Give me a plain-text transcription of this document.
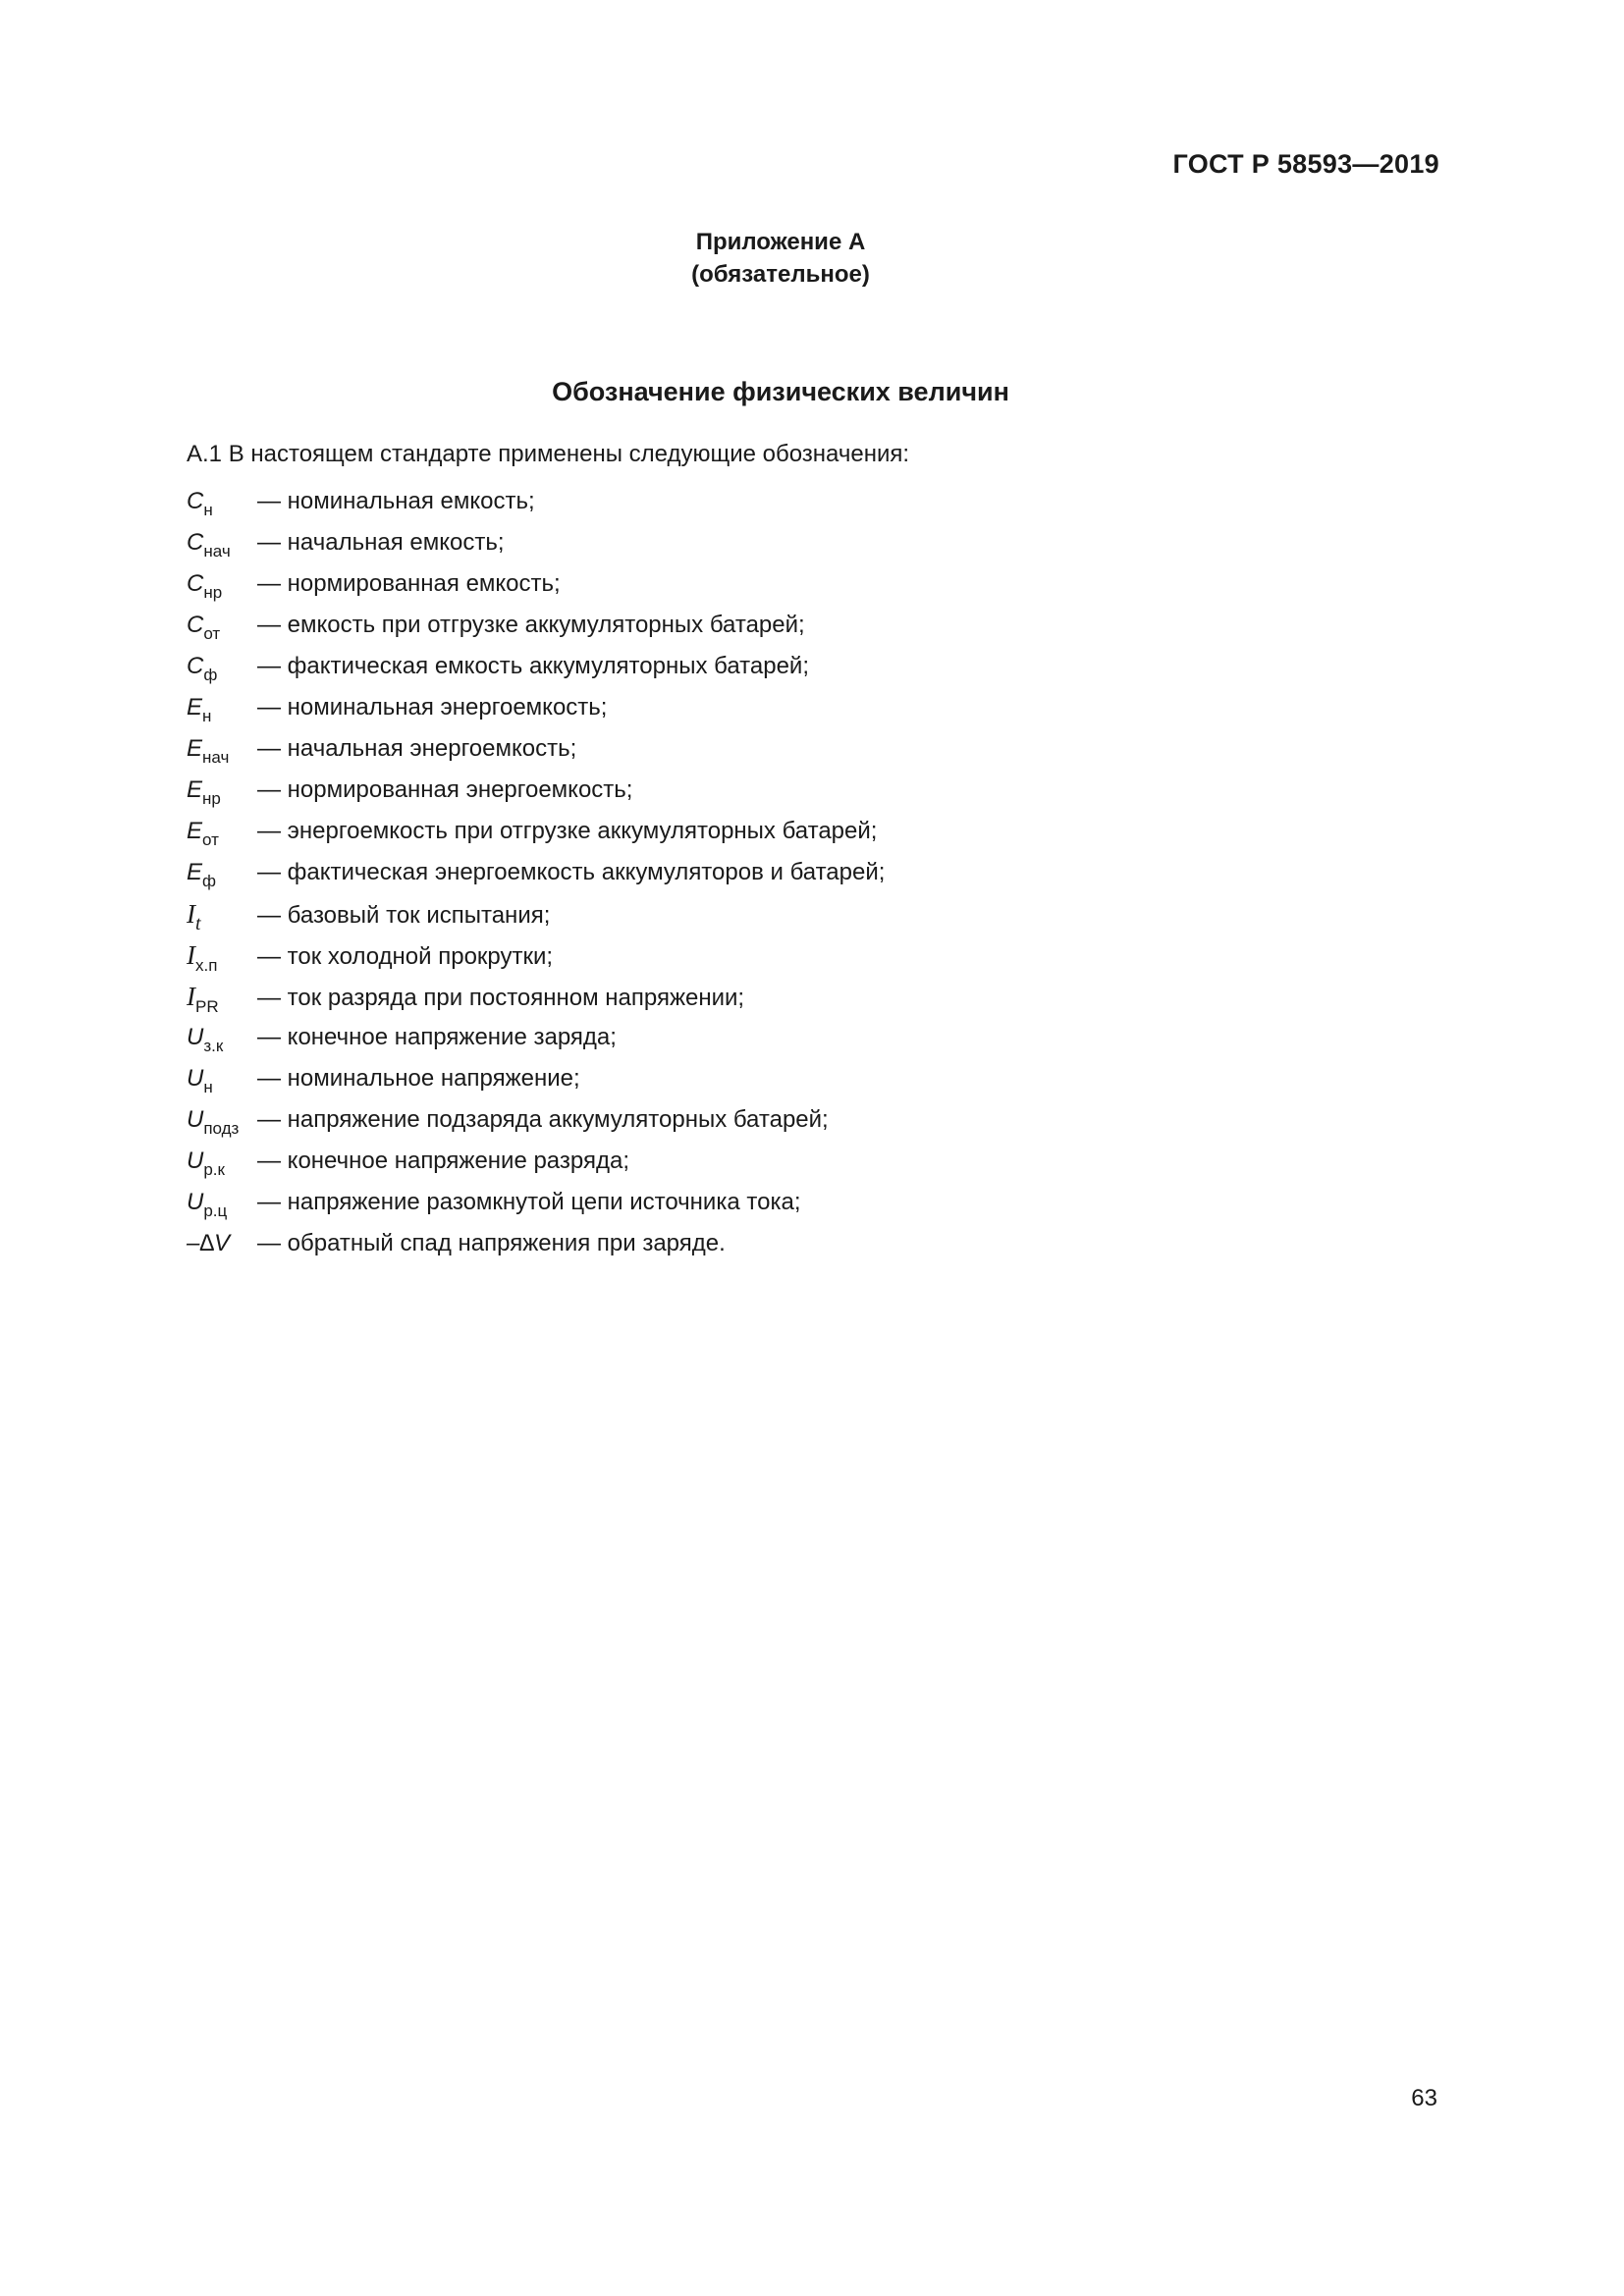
ГОСТ Р 58593—2019
Приложение А
(обязательное)
Обозначение физических величин
А.1 В настоящем стандарте применены следующие обозначения:
$C_н$	— номинальная емкость;
$C_{нач}$	— начальная емкость;
$C_{нр}$	— нормированная емкость;
$C_{от}$	— емкость при отгрузке аккумуляторных батарей;
$C_ф$	— фактическая емкость аккумуляторных батарей;
$E_н$	— номинальная энергоемкость;
$E_{нач}$	— начальная энергоемкость;
$E_{нр}$	— нормированная энергоемкость;
$E_{от}$	— энергоемкость при отгрузке аккумуляторных батарей;
$E_ф$	— фактическая энергоемкость аккумуляторов и батарей;
$I_t$	— базовый ток испытания;
$I_{х.п}$	— ток холодной прокрутки;
$I_{PR}$	— ток разряда при постоянном напряжении;
$U_{з.к}$	— конечное напряжение заряда;
$U_н$	— номинальное напряжение;
$U_{подз}$ — напряжение подзаряда аккумуляторных батарей;
$U_{р.к}$	— конечное напряжение разряда;
$U_{р.ц}$	— напряжение разомкнутой цепи источника тока;
–∆V	— обратный спад напряжения при заряде.
63
